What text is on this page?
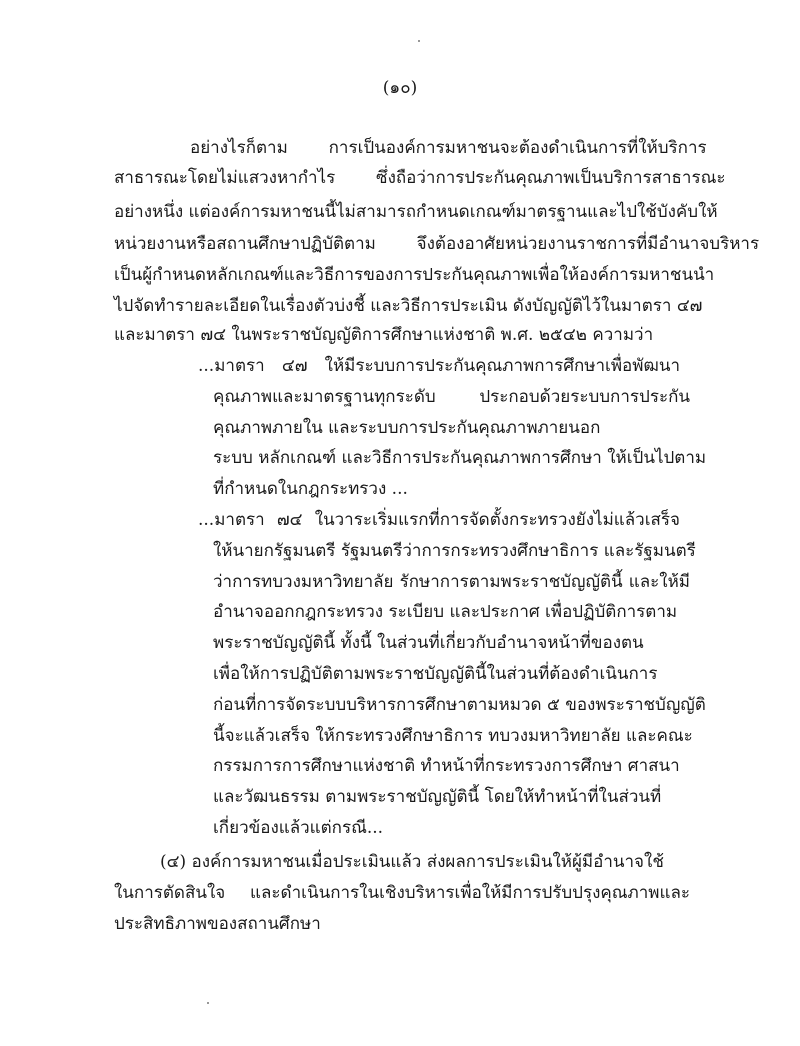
(๑๐)
อย่างไรก็ตาม การเป็นองค์การมหาชนจะต้องดำเนินการที่ให้บริการ
สาธารณะโดยไม่แสวงหากำไร ซึ่งถือว่าการประกันคุณภาพเป็นบริการสาธารณะ
อย่างหนึ่ง แต่องค์การมหาชนนี้ไม่สามารถกำหนดเกณฑ์มาตรฐานและไปใช้บังคับให้
หน่วยงานหรือสถานศึกษาปฏิบัติตาม จึงต้องอาศัยหน่วยงานราชการที่มีอำนาจบริหาร
เป็นผู้กำหนดหลักเกณฑ์และวิธีการของการประกันคุณภาพเพื่อให้องค์การมหาชนนำ
ไปจัดทำรายละเอียดในเรื่องตัวบ่งชี้ และวิธีการประเมิน ดังบัญญัติไว้ในมาตรา ๔๗
และมาตรา ๗๔ ในพระราชบัญญัติการศึกษาแห่งชาติ พ.ศ. ๒๕๔๒ ความว่า
...มาตรา ๔๗ ให้มีระบบการประกันคุณภาพการศึกษาเพื่อพัฒนา
คุณภาพและมาตรฐานทุกระดับ ประกอบด้วยระบบการประกัน
คุณภาพภายใน และระบบการประกันคุณภาพภายนอก
ระบบ หลักเกณฑ์ และวิธีการประกันคุณภาพการศึกษา ให้เป็นไปตาม
ที่กำหนดในกฎกระทรวง ...
...มาตรา ๗๔ ในวาระเริ่มแรกที่การจัดตั้งกระทรวงยังไม่แล้วเสร็จ
ให้นายกรัฐมนตรี รัฐมนตรีว่าการกระทรวงศึกษาธิการ และรัฐมนตรี
ว่าการทบวงมหาวิทยาลัย รักษาการตามพระราชบัญญัตินี้ และให้มี
อำนาจออกกฎกระทรวง ระเบียบ และประกาศ เพื่อปฏิบัติการตาม
พระราชบัญญัตินี้ ทั้งนี้ ในส่วนที่เกี่ยวกับอำนาจหน้าที่ของตน
เพื่อให้การปฏิบัติตามพระราชบัญญัตินี้ในส่วนที่ต้องดำเนินการ
ก่อนที่การจัดระบบบริหารการศึกษาตามหมวด ๕ ของพระราชบัญญัติ
นี้จะแล้วเสร็จ ให้กระทรวงศึกษาธิการ ทบวงมหาวิทยาลัย และคณะ
กรรมการการศึกษาแห่งชาติ ทำหน้าที่กระทรวงการศึกษา ศาสนา
และวัฒนธรรม ตามพระราชบัญญัตินี้ โดยให้ทำหน้าที่ในส่วนที่
เกี่ยวข้องแล้วแต่กรณี...
(๔) องค์การมหาชนเมื่อประเมินแล้ว ส่งผลการประเมินให้ผู้มีอำนาจใช้
ในการตัดสินใจ และดำเนินการในเชิงบริหารเพื่อให้มีการปรับปรุงคุณภาพและ
ประสิทธิภาพของสถานศึกษา
